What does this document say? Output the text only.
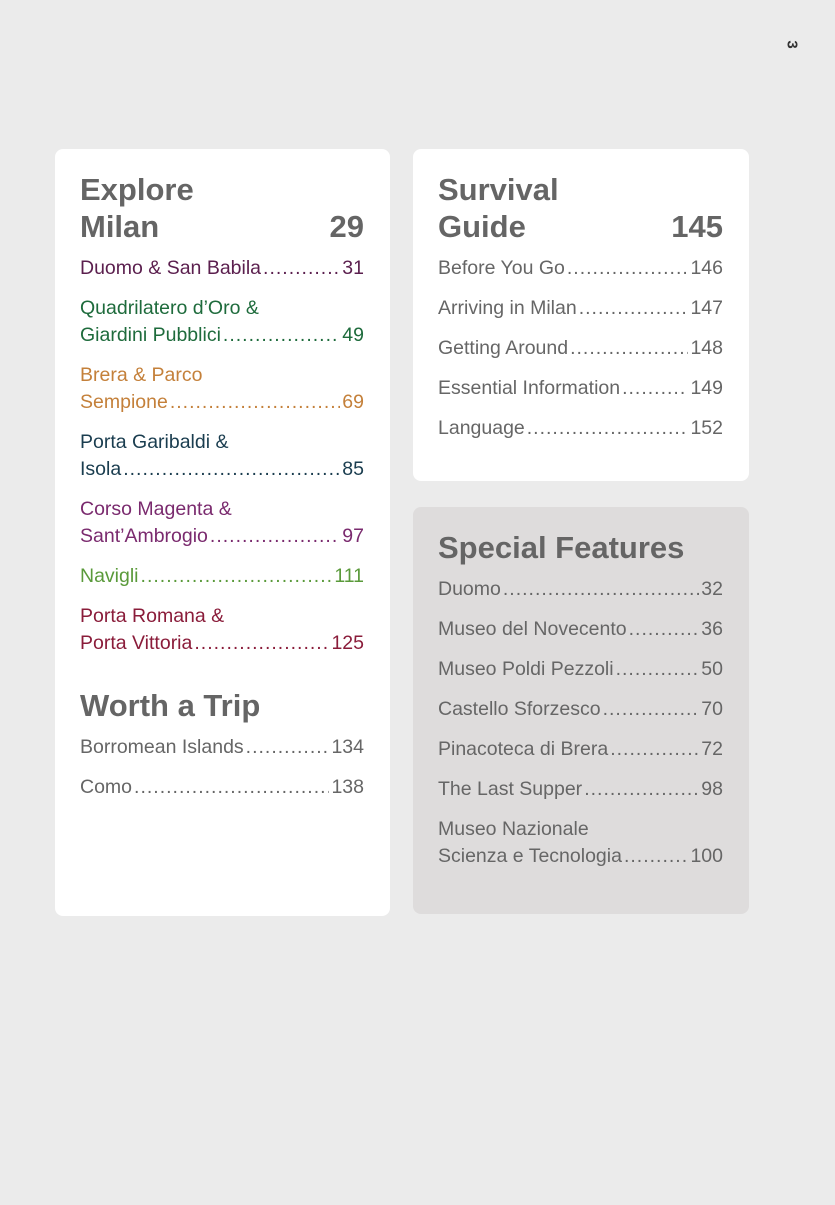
3
Explore
Milan	29
Duomo & San Babila .....	31
Quadrilatero d’Oro &
Giardini Pubblici .....	49
Brera & Parco
Sempione .....	69
Porta Garibaldi &
Isola .....	85
Corso Magenta &
Sant’Ambrogio .....	97
Navigli .....	111
Porta Romana &
Porta Vittoria .....	125
Worth a Trip
Borromean Islands .....	134
Como .....	138
Survival
Guide	145
Before You Go .....	146
Arriving in Milan .....	147
Getting Around .....	148
Essential Information .....	149
Language .....	152
Special Features
Duomo .....	32
Museo del Novecento .....	36
Museo Poldi Pezzoli .....	50
Castello Sforzesco .....	70
Pinacoteca di Brera .....	72
The Last Supper .....	98
Museo Nazionale
Scienza e Tecnologia .....	100
